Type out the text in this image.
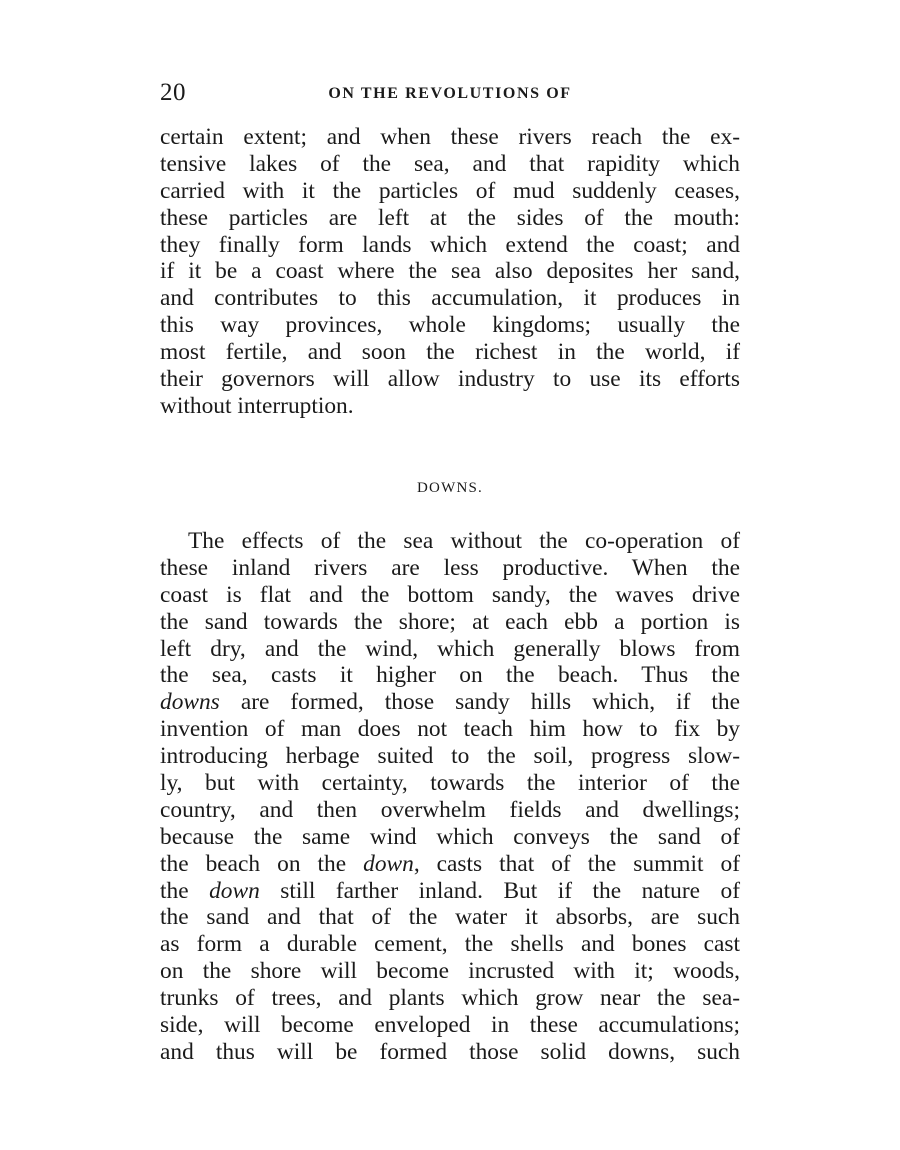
20	ON THE REVOLUTIONS OF
certain extent; and when these rivers reach the ex-
tensive lakes of the sea, and that rapidity which
carried with it the particles of mud suddenly ceases,
these particles are left at the sides of the mouth:
they finally form lands which extend the coast; and
if it be a coast where the sea also deposites her sand,
and contributes to this accumulation, it produces in
this way provinces, whole kingdoms; usually the
most fertile, and soon the richest in the world, if
their governors will allow industry to use its efforts
without interruption.
DOWNS.
The effects of the sea without the co-operation of
these inland rivers are less productive. When the
coast is flat and the bottom sandy, the waves drive
the sand towards the shore; at each ebb a portion is
left dry, and the wind, which generally blows from
the sea, casts it higher on the beach. Thus the
downs are formed, those sandy hills which, if the
invention of man does not teach him how to fix by
introducing herbage suited to the soil, progress slow-
ly, but with certainty, towards the interior of the
country, and then overwhelm fields and dwellings;
because the same wind which conveys the sand of
the beach on the down, casts that of the summit of
the down still farther inland. But if the nature of
the sand and that of the water it absorbs, are such
as form a durable cement, the shells and bones cast
on the shore will become incrusted with it; woods,
trunks of trees, and plants which grow near the sea-
side, will become enveloped in these accumulations;
and thus will be formed those solid downs, such
